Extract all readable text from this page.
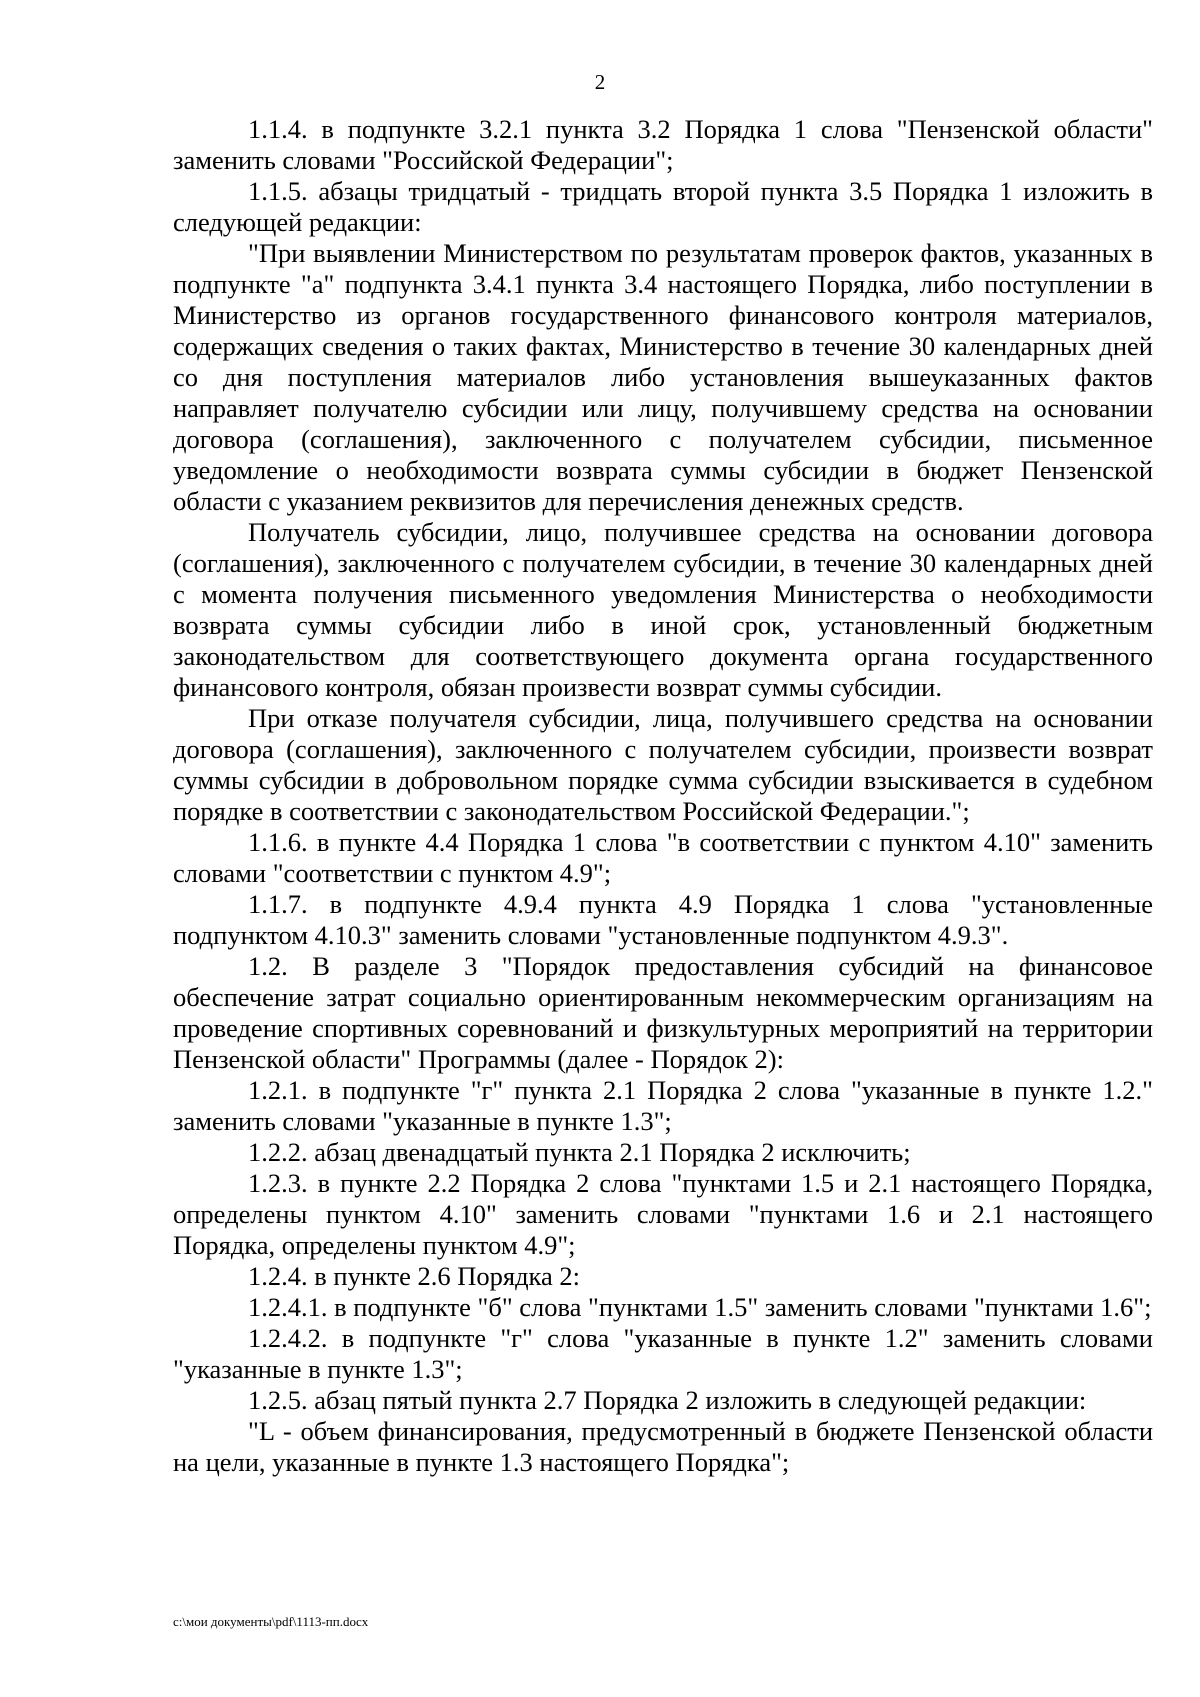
2

1.1.4. в подпункте 3.2.1 пункта 3.2 Порядка 1 слова "Пензенской области" заменить словами "Российской Федерации";

1.1.5. абзацы тридцатый - тридцать второй пункта 3.5 Порядка 1 изложить в следующей редакции:

"При выявлении Министерством по результатам проверок фактов, указанных в подпункте "а" подпункта 3.4.1 пункта 3.4 настоящего Порядка, либо поступлении в Министерство из органов государственного финансового контроля материалов, содержащих сведения о таких фактах, Министерство в течение 30 календарных дней со дня поступления материалов либо установления вышеуказанных фактов направляет получателю субсидии или лицу, получившему средства на основании договора (соглашения), заключенного с получателем субсидии, письменное уведомление о необходимости возврата суммы субсидии в бюджет Пензенской области с указанием реквизитов для перечисления денежных средств.

Получатель субсидии, лицо, получившее средства на основании договора (соглашения), заключенного с получателем субсидии, в течение 30 календарных дней с момента получения письменного уведомления Министерства о необходимости возврата суммы субсидии либо в иной срок, установленный бюджетным законодательством для соответствующего документа органа государственного финансового контроля, обязан произвести возврат суммы субсидии.

При отказе получателя субсидии, лица, получившего средства на основании договора (соглашения), заключенного с получателем субсидии, произвести возврат суммы субсидии в добровольном порядке сумма субсидии взыскивается в судебном порядке в соответствии с законодательством Российской Федерации.";

1.1.6. в пункте 4.4 Порядка 1 слова "в соответствии с пунктом 4.10" заменить словами "соответствии с пунктом 4.9";

1.1.7. в подпункте 4.9.4 пункта 4.9 Порядка 1 слова "установленные подпунктом 4.10.3" заменить словами "установленные подпунктом 4.9.3".

1.2. В разделе 3 "Порядок предоставления субсидий на финансовое обеспечение затрат социально ориентированным некоммерческим организациям на проведение спортивных соревнований и физкультурных мероприятий на территории Пензенской области" Программы (далее - Порядок 2):

1.2.1. в подпункте "г" пункта 2.1 Порядка 2 слова "указанные в пункте 1.2." заменить словами "указанные в пункте 1.3";

1.2.2. абзац двенадцатый пункта 2.1 Порядка 2 исключить;

1.2.3. в пункте 2.2 Порядка 2 слова "пунктами 1.5 и 2.1 настоящего Порядка, определены пунктом 4.10" заменить словами "пунктами 1.6 и 2.1 настоящего Порядка, определены пунктом 4.9";

1.2.4. в пункте 2.6 Порядка 2:

1.2.4.1. в подпункте "б" слова "пунктами 1.5" заменить словами "пунктами 1.6";

1.2.4.2. в подпункте "г" слова "указанные в пункте 1.2" заменить словами "указанные в пункте 1.3";

1.2.5. абзац пятый пункта 2.7 Порядка 2 изложить в следующей редакции:

"L - объем финансирования, предусмотренный в бюджете Пензенской области на цели, указанные в пункте 1.3 настоящего Порядка";

c:\мои документы\pdf\1113-пп.docx
